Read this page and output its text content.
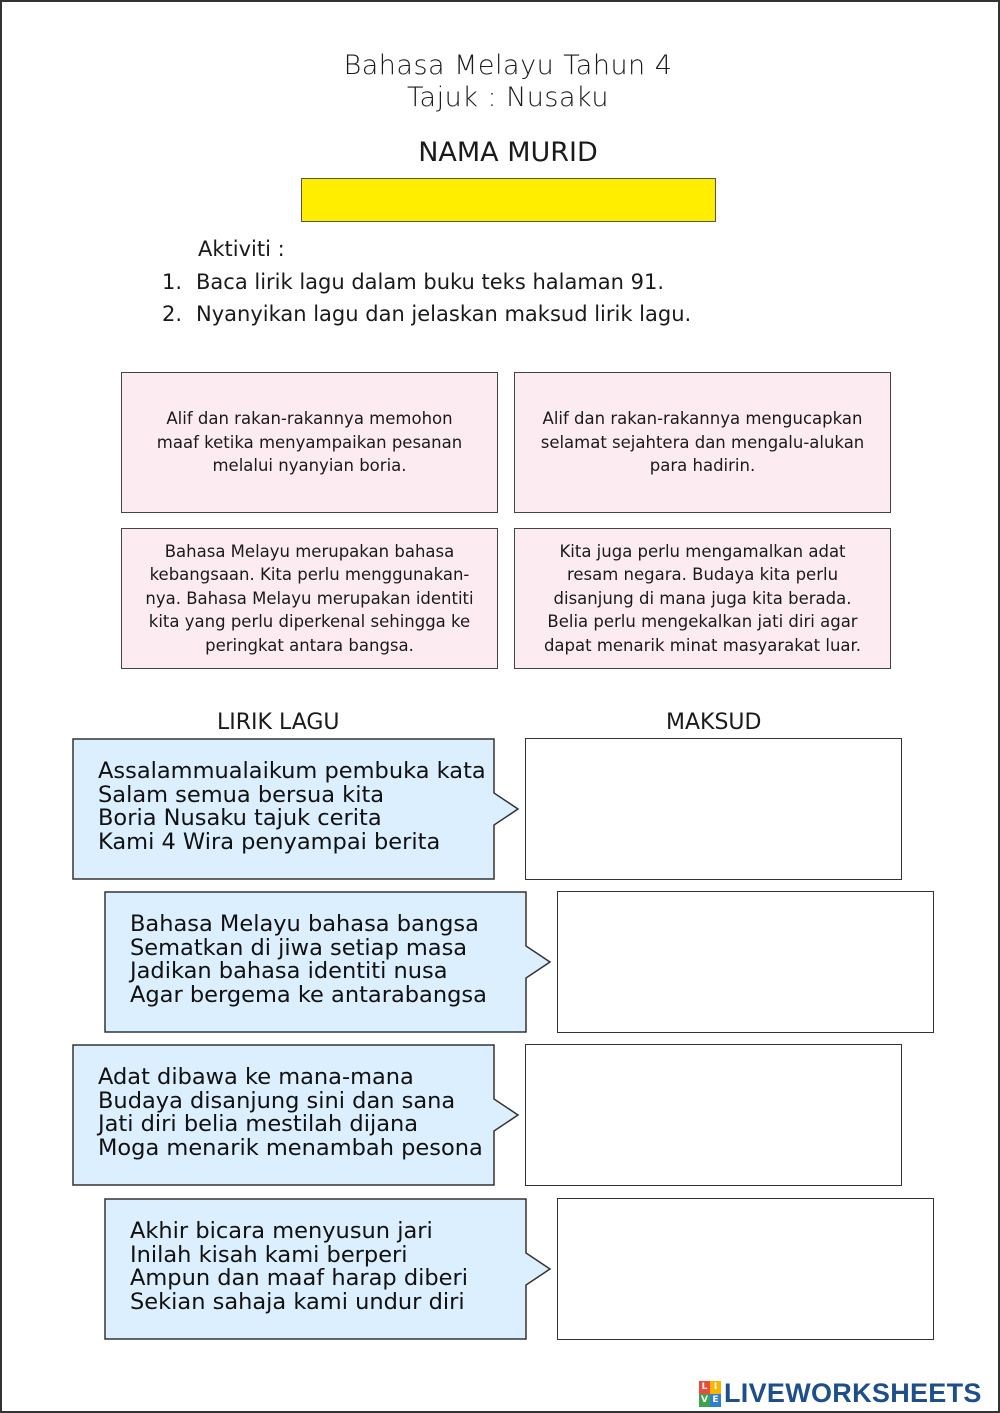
Bahasa Melayu Tahun 4
Tajuk : Nusaku
NAMA MURID
Aktiviti :
1. Baca lirik lagu dalam buku teks halaman 91.
2. Nyanyikan lagu dan jelaskan maksud lirik lagu.
Alif dan rakan-rakannya memohon
maaf ketika menyampaikan pesanan
melalui nyanyian boria.
Alif dan rakan-rakannya mengucapkan
selamat sejahtera dan mengalu-alukan
para hadirin.
Bahasa Melayu merupakan bahasa
kebangsaan. Kita perlu menggunakan-
nya. Bahasa Melayu merupakan identiti
kita yang perlu diperkenal sehingga ke
peringkat antara bangsa.
Kita juga perlu mengamalkan adat
resam negara. Budaya kita perlu
disanjung di mana juga kita berada.
Belia perlu mengekalkan jati diri agar
dapat menarik minat masyarakat luar.
LIRIK LAGU	MAKSUD
Assalammualaikum pembuka kata
Salam semua bersua kita
Boria Nusaku tajuk cerita
Kami 4 Wira penyampai berita
Bahasa Melayu bahasa bangsa
Sematkan di jiwa setiap masa
Jadikan bahasa identiti nusa
Agar bergema ke antarabangsa
Adat dibawa ke mana-mana
Budaya disanjung sini dan sana
Jati diri belia mestilah dijana
Moga menarik menambah pesona
Akhir bicara menyusun jari
Inilah kisah kami berperi
Ampun dan maaf harap diberi
Sekian sahaja kami undur diri
L I
V E LIVEWORKSHEETS
